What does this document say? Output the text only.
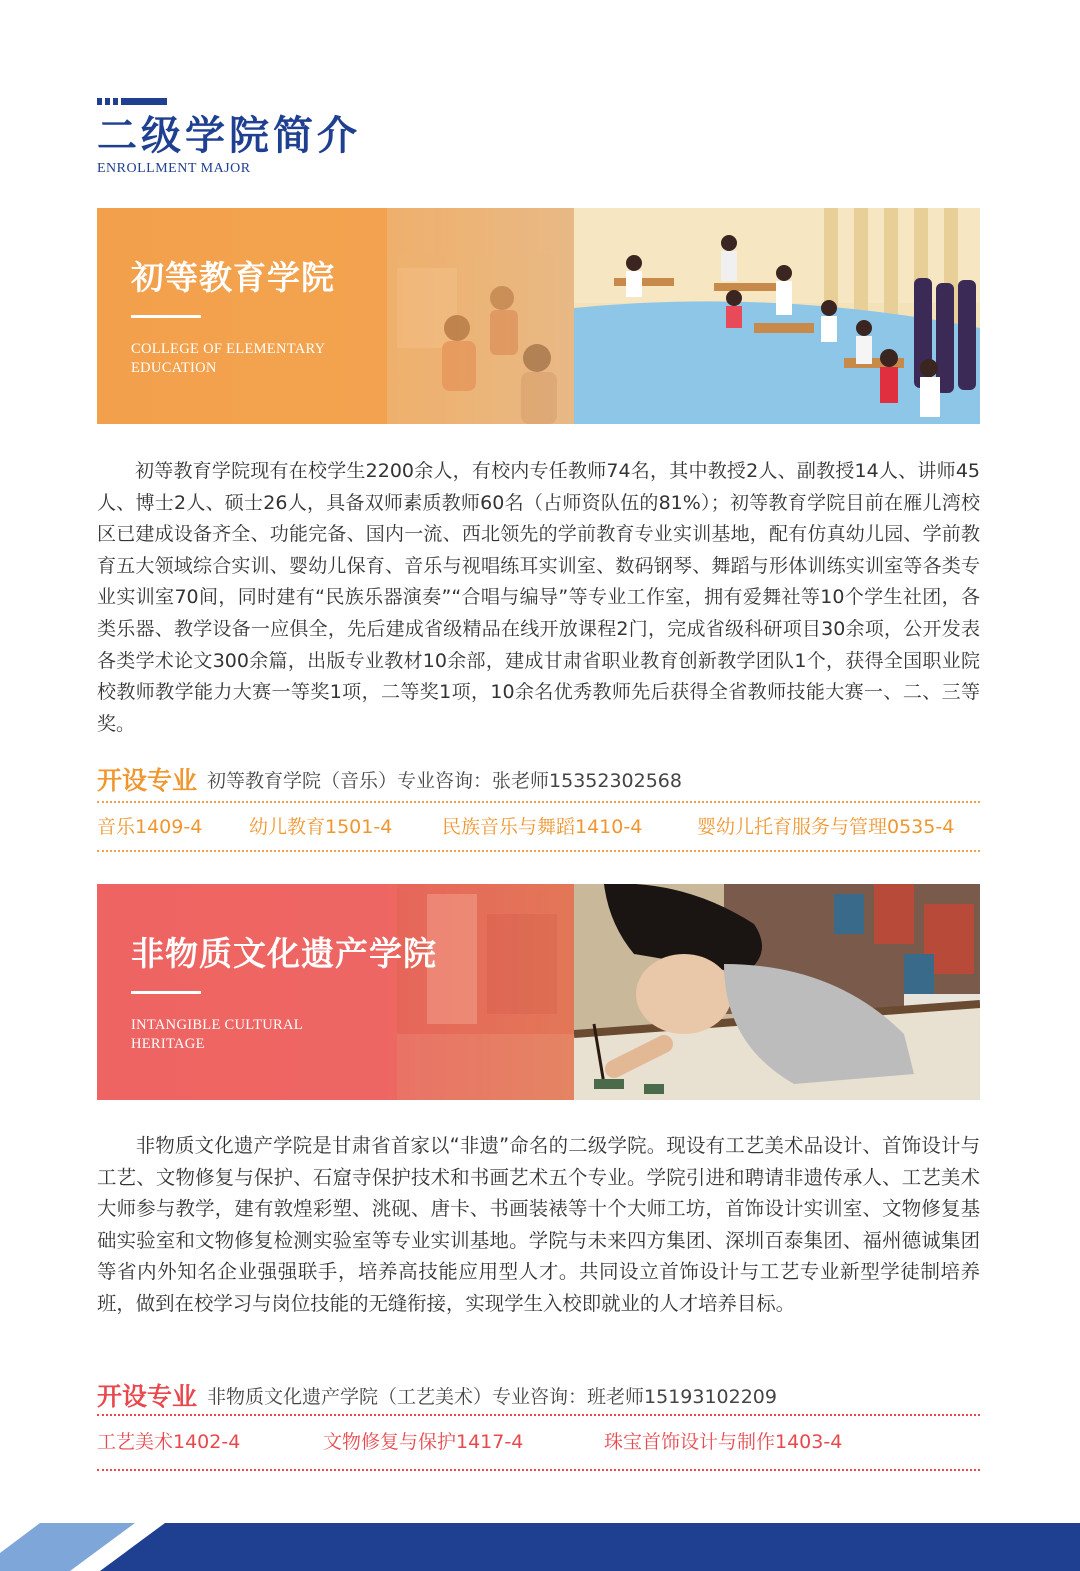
二级学院简介
ENROLLMENT MAJOR
初等教育学院
COLLEGE OF ELEMENTARY EDUCATION

初等教育学院现有在校学生2200余人，有校内专任教师74名，其中教授2人、副教授14人、讲师45人、博士2人、硕士26人，具备双师素质教师60名（占师资队伍的81%）；初等教育学院目前在雁儿湾校区已建成设备齐全、功能完备、国内一流、西北领先的学前教育专业实训基地，配有仿真幼儿园、学前教育五大领域综合实训、婴幼儿保育、音乐与视唱练耳实训室、数码钢琴、舞蹈与形体训练实训室等各类专业实训室70间，同时建有“民族乐器演奏”“合唱与编导”等专业工作室，拥有爱舞社等10个学生社团，各类乐器、教学设备一应俱全，先后建成省级精品在线开放课程2门，完成省级科研项目30余项，公开发表各类学术论文300余篇，出版专业教材10余部，建成甘肃省职业教育创新教学团队1个，获得全国职业院校教师教学能力大赛一等奖1项，二等奖1项，10余名优秀教师先后获得全省教师技能大赛一、二、三等奖。

开设专业 初等教育学院（音乐）专业咨询：张老师15352302568
音乐1409-4 幼儿教育1501-4	民族音乐与舞蹈1410-4	婴幼儿托育服务与管理0535-4
非物质文化遗产学院
INTANGIBLE CULTURAL HERITAGE

非物质文化遗产学院是甘肃省首家以“非遗”命名的二级学院。现设有工艺美术品设计、首饰设计与工艺、文物修复与保护、石窟寺保护技术和书画艺术五个专业。学院引进和聘请非遗传承人、工艺美术大师参与教学，建有敦煌彩塑、洮砚、唐卡、书画装裱等十个大师工坊，首饰设计实训室、文物修复基础实验室和文物修复检测实验室等专业实训基地。学院与未来四方集团、深圳百泰集团、福州德诚集团等省内外知名企业强强联手，培养高技能应用型人才。共同设立首饰设计与工艺专业新型学徒制培养班，做到在校学习与岗位技能的无缝衔接，实现学生入校即就业的人才培养目标。

开设专业 非物质文化遗产学院（工艺美术）专业咨询：班老师15193102209
工艺美术1402-4	文物修复与保护1417-4	珠宝首饰设计与制作1403-4
